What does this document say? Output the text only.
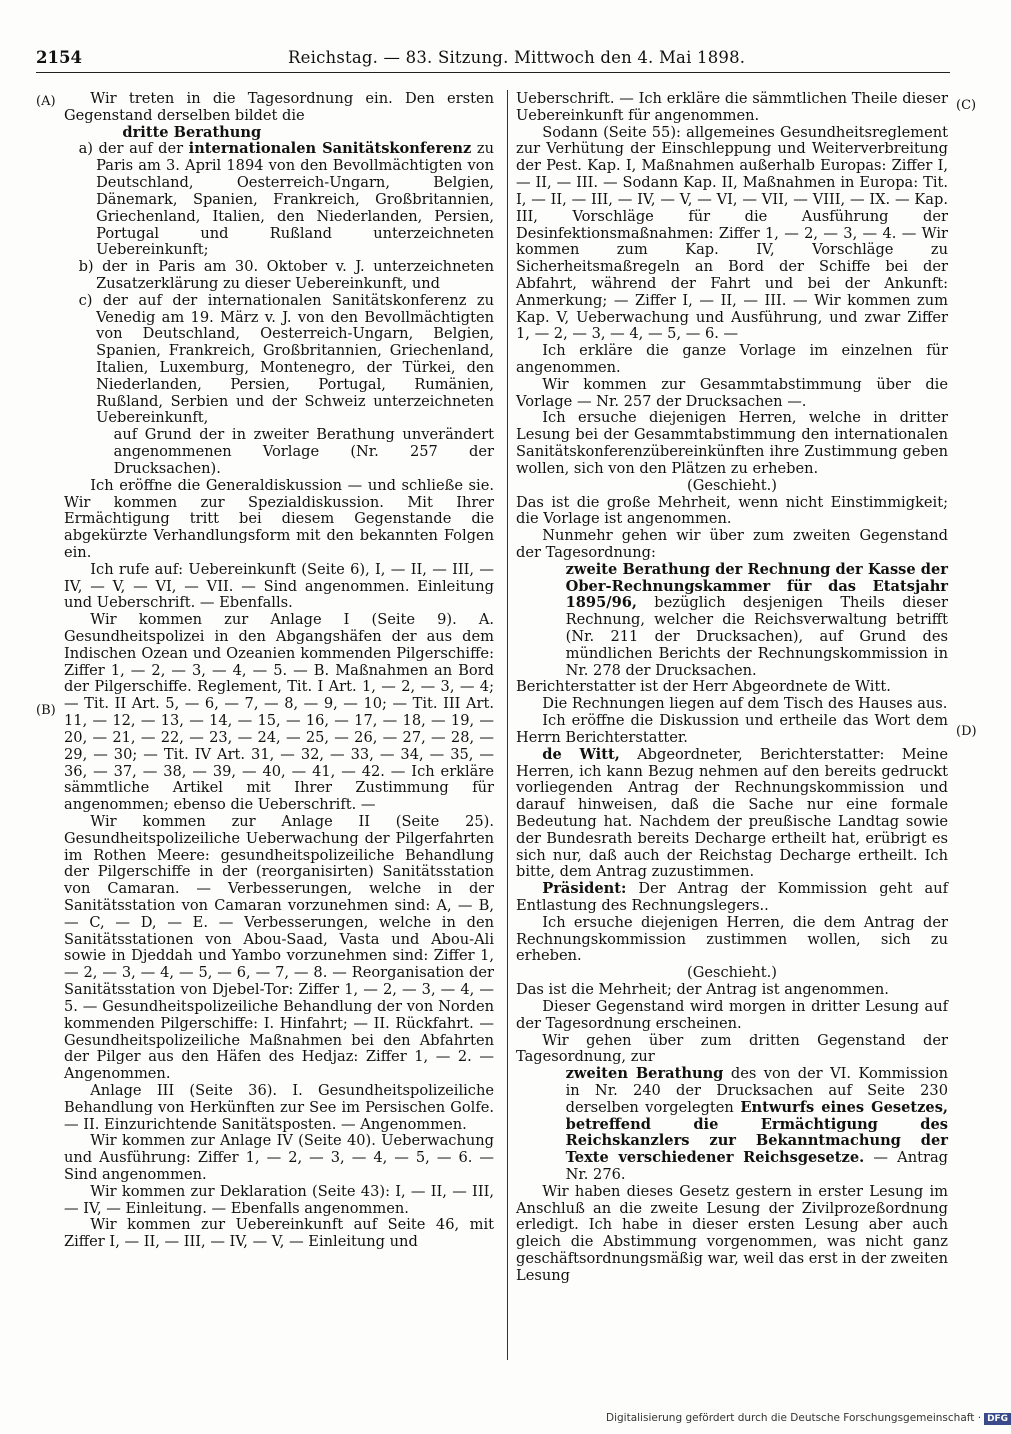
2154	Reichstag. — 83. Sitzung. Mittwoch den 4. Mai 1898.
(A)
(B)
(C)
(D)

Wir treten in die Tagesordnung ein. Den ersten Gegenstand derselben bildet die

dritte Berathung

a) der auf der internationalen Sanitätskonferenz zu Paris am 3. April 1894 von den Bevollmächtigten von Deutschland, Oesterreich-Ungarn, Belgien, Dänemark, Spanien, Frankreich, Großbritannien, Griechenland, Italien, den Niederlanden, Persien, Portugal und Rußland unterzeichneten Uebereinkunft;

b) der in Paris am 30. Oktober v. J. unterzeichneten Zusatzerklärung zu dieser Uebereinkunft, und

c) der auf der internationalen Sanitätskonferenz zu Venedig am 19. März v. J. von den Bevollmächtigten von Deutschland, Oesterreich-Ungarn, Belgien, Spanien, Frankreich, Großbritannien, Griechenland, Italien, Luxemburg, Montenegro, der Türkei, den Niederlanden, Persien, Portugal, Rumänien, Rußland, Serbien und der Schweiz unterzeichneten Uebereinkunft,

auf Grund der in zweiter Berathung unverändert angenommenen Vorlage (Nr. 257 der Drucksachen).

Ich eröffne die Generaldiskussion — und schließe sie. Wir kommen zur Spezialdiskussion. Mit Ihrer Ermächtigung tritt bei diesem Gegenstande die abgekürzte Verhandlungsform mit den bekannten Folgen ein.

Ich rufe auf: Uebereinkunft (Seite 6), I, — II, — III, — IV, — V, — VI, — VII. — Sind angenommen. Einleitung und Ueberschrift. — Ebenfalls.

Wir kommen zur Anlage I (Seite 9). A. Gesundheitspolizei in den Abgangshäfen der aus dem Indischen Ozean und Ozeanien kommenden Pilgerschiffe: Ziffer 1, — 2, — 3, — 4, — 5. — B. Maßnahmen an Bord der Pilgerschiffe. Reglement, Tit. I Art. 1, — 2, — 3, — 4; — Tit. II Art. 5, — 6, — 7, — 8, — 9, — 10; — Tit. III Art. 11, — 12, — 13, — 14, — 15, — 16, — 17, — 18, — 19, — 20, — 21, — 22, — 23, — 24, — 25, — 26, — 27, — 28, — 29, — 30; — Tit. IV Art. 31, — 32, — 33, — 34, — 35, — 36, — 37, — 38, — 39, — 40, — 41, — 42. — Ich erkläre sämmtliche Artikel mit Ihrer Zustimmung für angenommen; ebenso die Ueberschrift. —

Wir kommen zur Anlage II (Seite 25). Gesundheitspolizeiliche Ueberwachung der Pilgerfahrten im Rothen Meere: gesundheitspolizeiliche Behandlung der Pilgerschiffe in der (reorganisirten) Sanitätsstation von Camaran. — Verbesserungen, welche in der Sanitätsstation von Camaran vorzunehmen sind: A, — B, — C, — D, — E. — Verbesserungen, welche in den Sanitätsstationen von Abou-Saad, Vasta und Abou-Ali sowie in Djeddah und Yambo vorzunehmen sind: Ziffer 1, — 2, — 3, — 4, — 5, — 6, — 7, — 8. — Reorganisation der Sanitätsstation von Djebel-Tor: Ziffer 1, — 2, — 3, — 4, — 5. — Gesundheitspolizeiliche Behandlung der von Norden kommenden Pilgerschiffe: I. Hinfahrt; — II. Rückfahrt. — Gesundheitspolizeiliche Maßnahmen bei den Abfahrten der Pilger aus den Häfen des Hedjaz: Ziffer 1, — 2. — Angenommen.

Anlage III (Seite 36). I. Gesundheitspolizeiliche Behandlung von Herkünften zur See im Persischen Golfe. — II. Einzurichtende Sanitätsposten. — Angenommen.

Wir kommen zur Anlage IV (Seite 40). Ueberwachung und Ausführung: Ziffer 1, — 2, — 3, — 4, — 5, — 6. — Sind angenommen.

Wir kommen zur Deklaration (Seite 43): I, — II, — III, — IV, — Einleitung. — Ebenfalls angenommen.

Wir kommen zur Uebereinkunft auf Seite 46, mit Ziffer I, — II, — III, — IV, — V, — Einleitung und

Ueberschrift. — Ich erkläre die sämmtlichen Theile dieser Uebereinkunft für angenommen.

Sodann (Seite 55): allgemeines Gesundheitsreglement zur Verhütung der Einschleppung und Weiterverbreitung der Pest. Kap. I, Maßnahmen außerhalb Europas: Ziffer I, — II, — III. — Sodann Kap. II, Maßnahmen in Europa: Tit. I, — II, — III, — IV, — V, — VI, — VII, — VIII, — IX. — Kap. III, Vorschläge für die Ausführung der Desinfektionsmaßnahmen: Ziffer 1, — 2, — 3, — 4. — Wir kommen zum Kap. IV, Vorschläge zu Sicherheitsmaßregeln an Bord der Schiffe bei der Abfahrt, während der Fahrt und bei der Ankunft: Anmerkung; — Ziffer I, — II, — III. — Wir kommen zum Kap. V, Ueberwachung und Ausführung, und zwar Ziffer 1, — 2, — 3, — 4, — 5, — 6. —

Ich erkläre die ganze Vorlage im einzelnen für angenommen.

Wir kommen zur Gesammtabstimmung über die Vorlage — Nr. 257 der Drucksachen —.

Ich ersuche diejenigen Herren, welche in dritter Lesung bei der Gesammtabstimmung den internationalen Sanitätskonferenzübereinkünften ihre Zustimmung geben wollen, sich von den Plätzen zu erheben.

(Geschieht.)

Das ist die große Mehrheit, wenn nicht Einstimmigkeit; die Vorlage ist angenommen.

Nunmehr gehen wir über zum zweiten Gegenstand der Tagesordnung:

zweite Berathung der Rechnung der Kasse der Ober-Rechnungskammer für das Etatsjahr 1895/96, bezüglich desjenigen Theils dieser Rechnung, welcher die Reichsverwaltung betrifft (Nr. 211 der Drucksachen), auf Grund des mündlichen Berichts der Rechnungskommission in Nr. 278 der Drucksachen.

Berichterstatter ist der Herr Abgeordnete de Witt.

Die Rechnungen liegen auf dem Tisch des Hauses aus.

Ich eröffne die Diskussion und ertheile das Wort dem Herrn Berichterstatter.

de Witt, Abgeordneter, Berichterstatter: Meine Herren, ich kann Bezug nehmen auf den bereits gedruckt vorliegenden Antrag der Rechnungskommission und darauf hinweisen, daß die Sache nur eine formale Bedeutung hat. Nachdem der preußische Landtag sowie der Bundesrath bereits Decharge ertheilt hat, erübrigt es sich nur, daß auch der Reichstag Decharge ertheilt. Ich bitte, dem Antrag zuzustimmen.

Präsident: Der Antrag der Kommission geht auf Entlastung des Rechnungslegers..

Ich ersuche diejenigen Herren, die dem Antrag der Rechnungskommission zustimmen wollen, sich zu erheben.

(Geschieht.)

Das ist die Mehrheit; der Antrag ist angenommen.

Dieser Gegenstand wird morgen in dritter Lesung auf der Tagesordnung erscheinen.

Wir gehen über zum dritten Gegenstand der Tagesordnung, zur

zweiten Berathung des von der VI. Kommission in Nr. 240 der Drucksachen auf Seite 230 derselben vorgelegten Entwurfs eines Gesetzes, betreffend die Ermächtigung des Reichskanzlers zur Bekanntmachung der Texte verschiedener Reichsgesetze. — Antrag Nr. 276.

Wir haben dieses Gesetz gestern in erster Lesung im Anschluß an die zweite Lesung der Zivilprozeßordnung erledigt. Ich habe in dieser ersten Lesung aber auch gleich die Abstimmung vorgenommen, was nicht ganz geschäftsordnungsmäßig war, weil das erst in der zweiten Lesung

Digitalisierung gefördert durch die Deutsche Forschungsgemeinschaft · DFG
